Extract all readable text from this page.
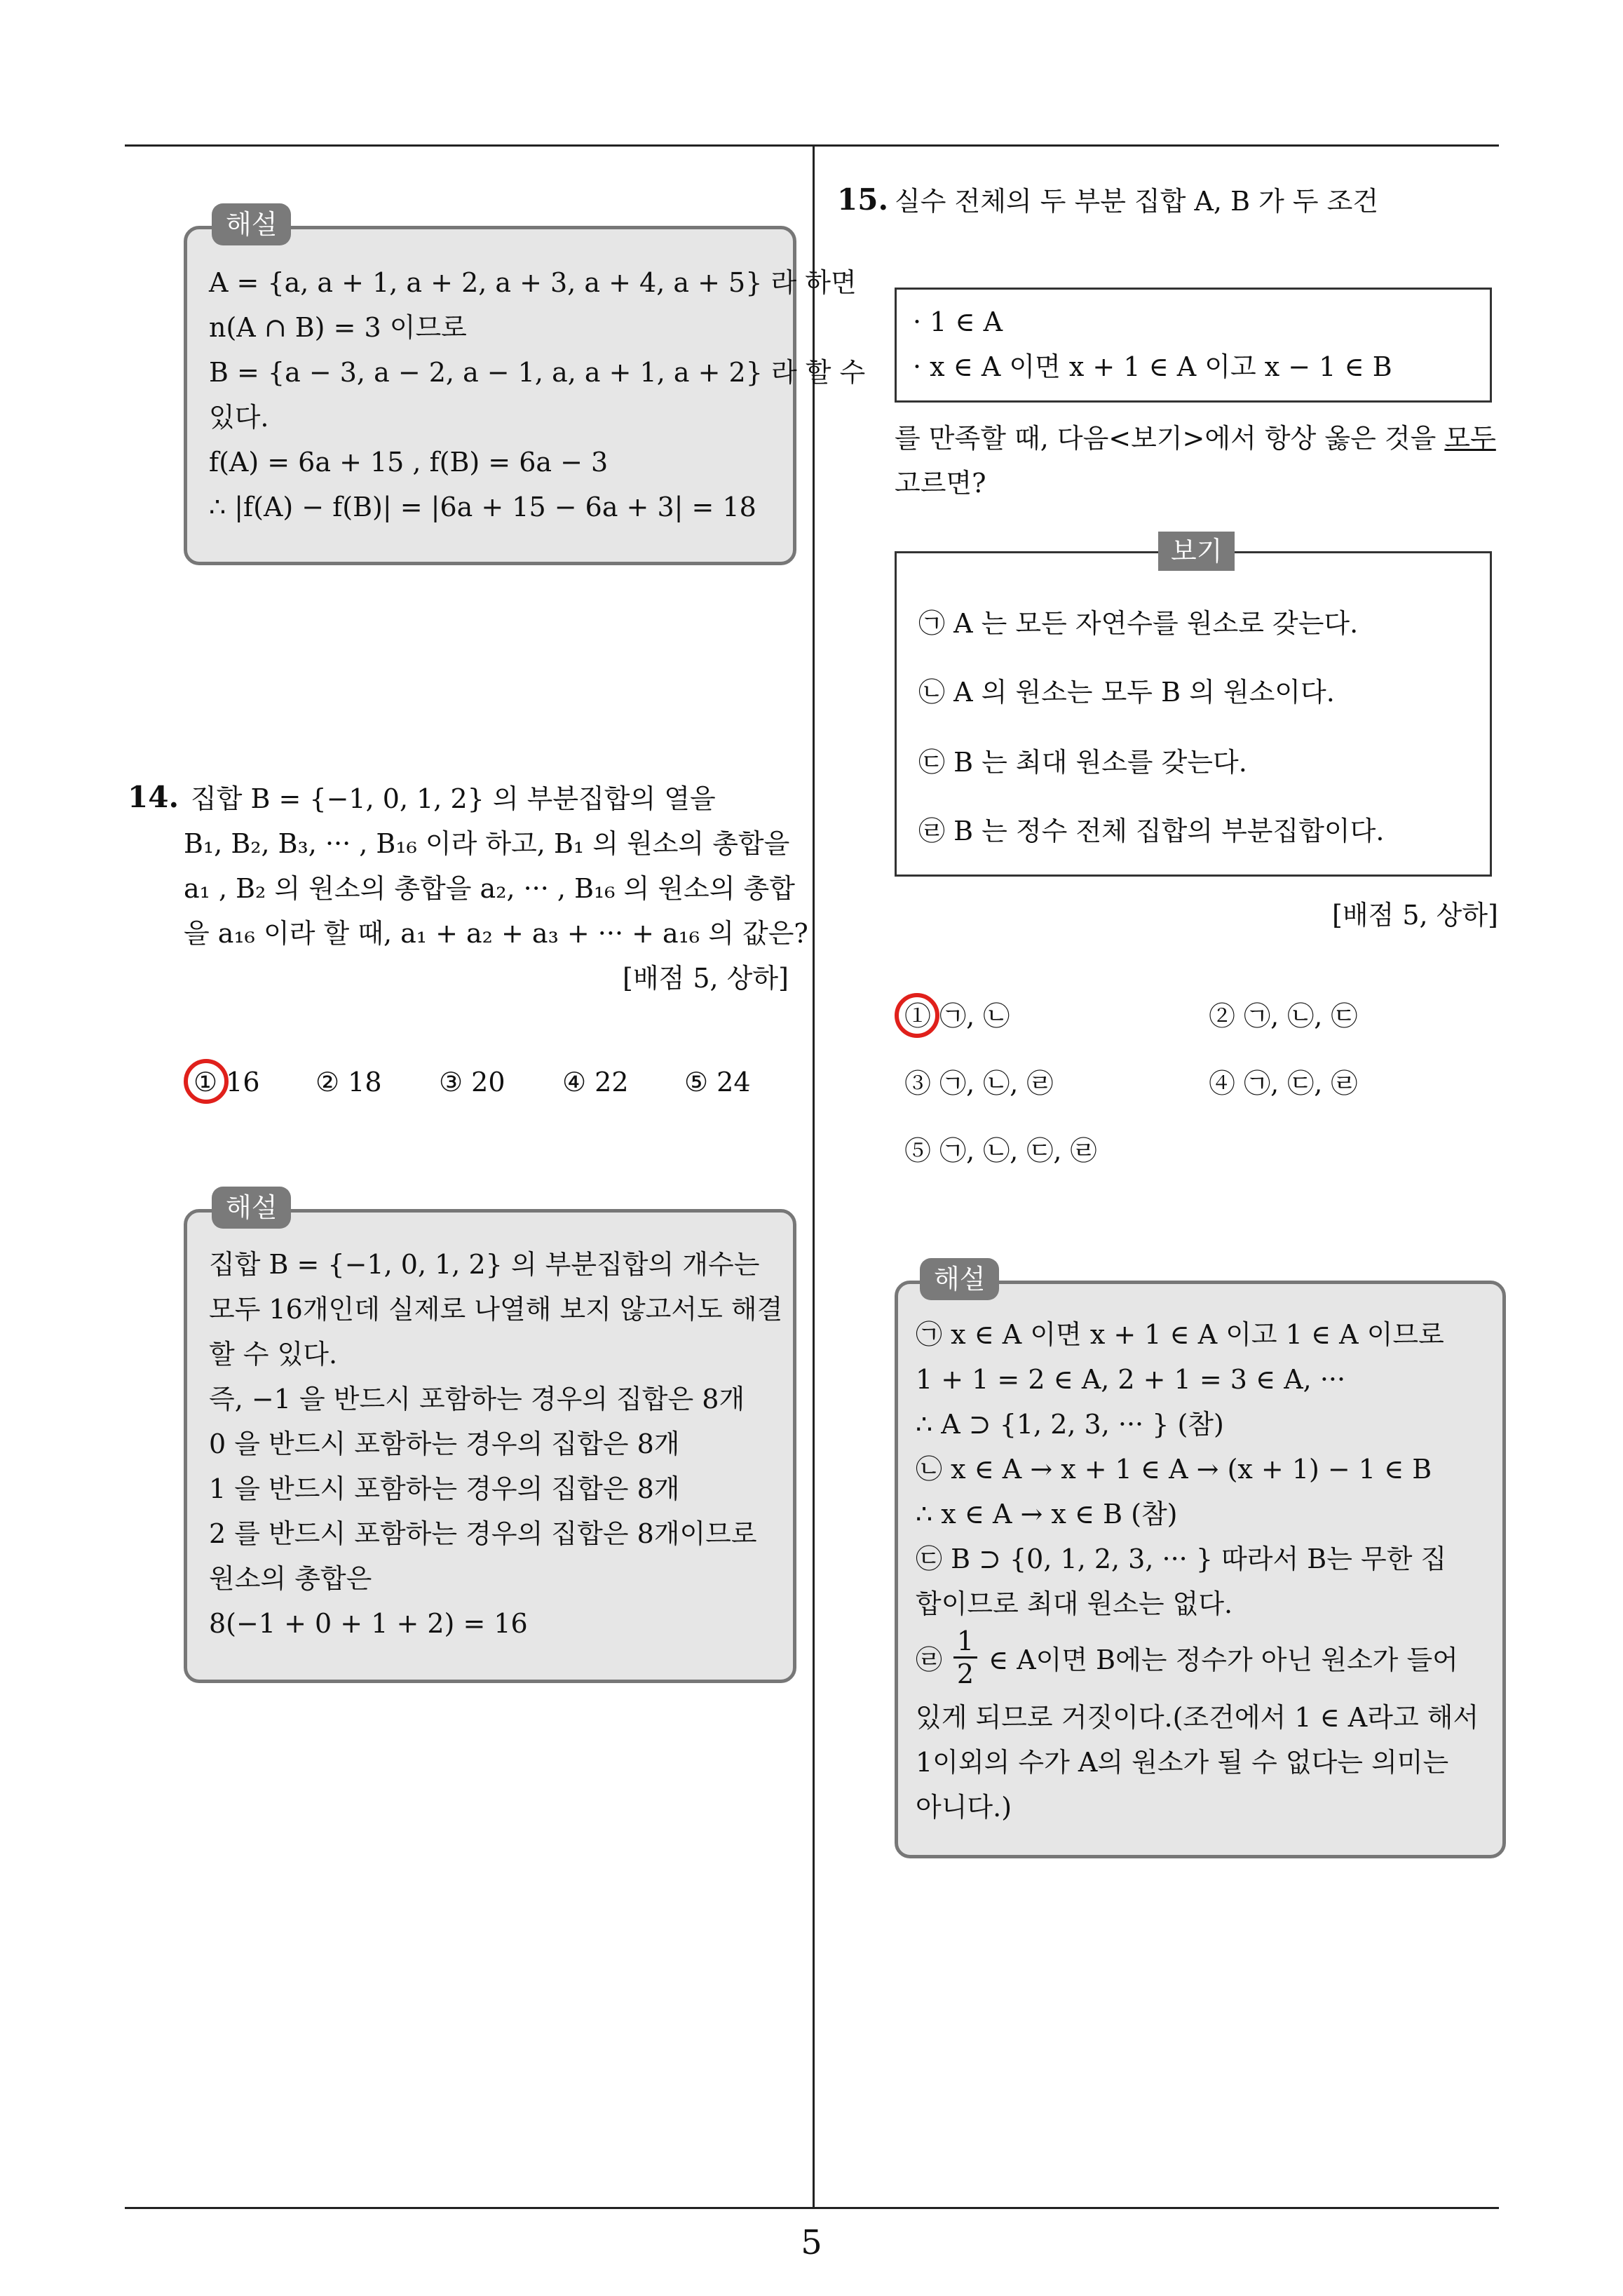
5
해설
A = {a, a + 1, a + 2, a + 3, a + 4, a + 5} 라 하면
n(A ∩ B) = 3 이므로
B = {a − 3, a − 2, a − 1, a, a + 1, a + 2} 라 할 수
있다.
f(A) = 6a + 15 , f(B) = 6a − 3
∴ |f(A) − f(B)| = |6a + 15 − 6a + 3| = 18
14. 집합 B = {−1, 0, 1, 2} 의 부분집합의 열을
B₁, B₂, B₃, ··· , B₁₆ 이라 하고, B₁ 의 원소의 총합을
a₁ , B₂ 의 원소의 총합을 a₂, ··· , B₁₆ 의 원소의 총합
을 a₁₆ 이라 할 때, a₁ + a₂ + a₃ + ··· + a₁₆ 의 값은?
[배점 5, 상하]
① 16 ② 18 ③ 20 ④ 22 ⑤ 24
해설
집합 B = {−1, 0, 1, 2} 의 부분집합의 개수는
모두 16개인데 실제로 나열해 보지 않고서도 해결
할 수 있다.
즉, −1 을 반드시 포함하는 경우의 집합은 8개
0 을 반드시 포함하는 경우의 집합은 8개
1 을 반드시 포함하는 경우의 집합은 8개
2 를 반드시 포함하는 경우의 집합은 8개이므로
원소의 총합은
8(−1 + 0 + 1 + 2) = 16
15. 실수 전체의 두 부분 집합 A, B 가 두 조건
· 1 ∈ A
· x ∈ A 이면 x + 1 ∈ A 이고 x − 1 ∈ B
를 만족할 때, 다음<보기>에서 항상 옳은 것을 모두
고르면?
보기
㉠ A 는 모든 자연수를 원소로 갖는다.
㉡ A 의 원소는 모두 B 의 원소이다.
㉢ B 는 최대 원소를 갖는다.
㉣ B 는 정수 전체 집합의 부분집합이다.
[배점 5, 상하]
① ㉠, ㉡	② ㉠, ㉡, ㉢
③ ㉠, ㉡, ㉣	④ ㉠, ㉢, ㉣
⑤ ㉠, ㉡, ㉢, ㉣
해설
㉠ x ∈ A 이면 x + 1 ∈ A 이고 1 ∈ A 이므로
1 + 1 = 2 ∈ A, 2 + 1 = 3 ∈ A, ···
∴ A ⊃ {1, 2, 3, ··· } (참)
㉡ x ∈ A → x + 1 ∈ A → (x + 1) − 1 ∈ B
∴ x ∈ A → x ∈ B (참)
㉢ B ⊃ {0, 1, 2, 3, ··· } 따라서 B는 무한 집
합이므로 최대 원소는 없다.
㉣ $\frac{1}{2}$ ∈ A이면 B에는 정수가 아닌 원소가 들어
있게 되므로 거짓이다.(조건에서 1 ∈ A라고 해서
1이외의 수가 A의 원소가 될 수 없다는 의미는
아니다.)
